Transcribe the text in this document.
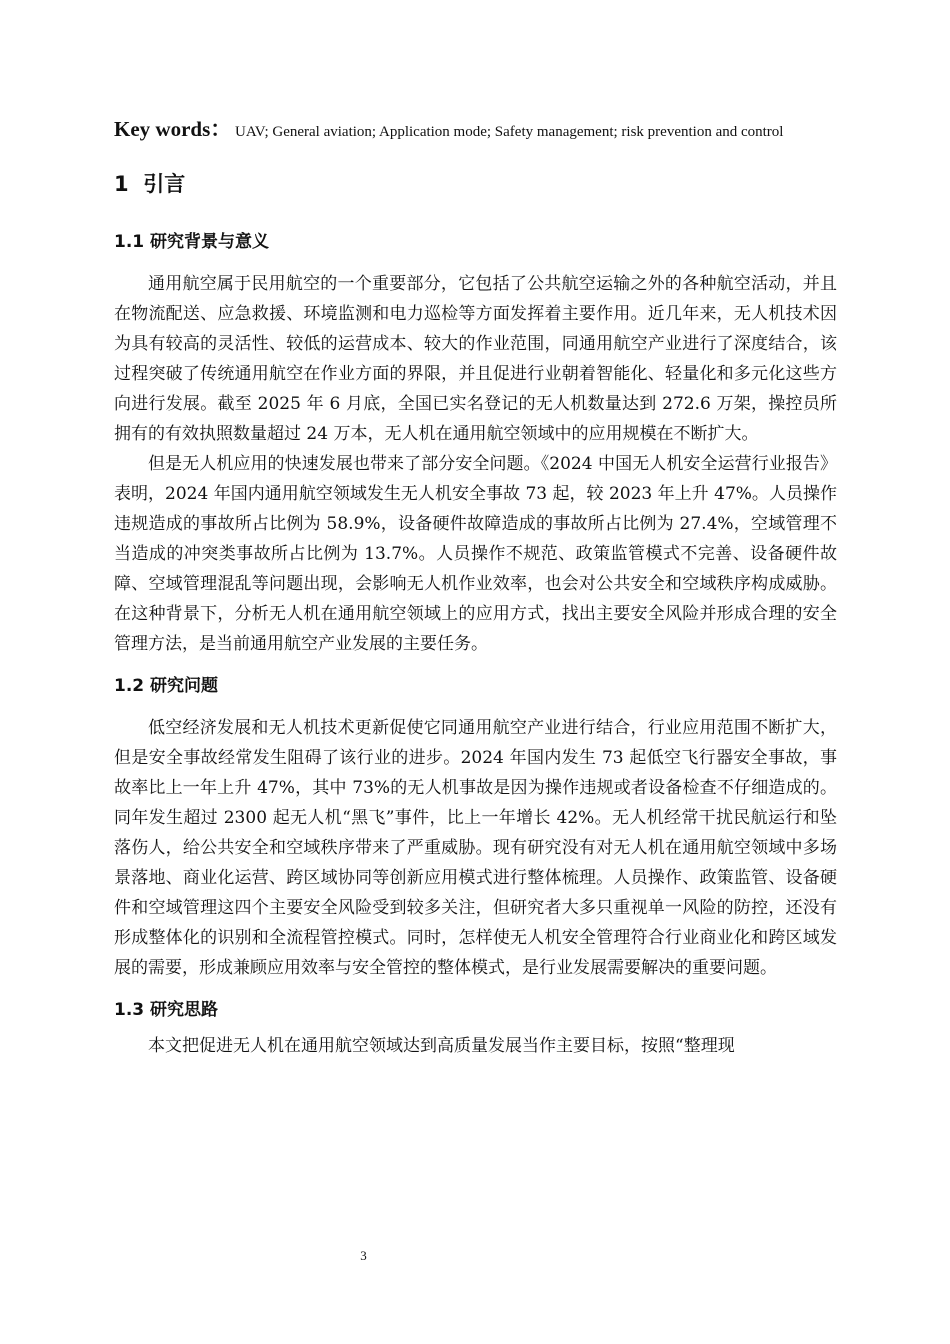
Key words： UAV; General aviation; Application mode; Safety management; risk prevention and control

1 引言
1.1 研究背景与意义

通用航空属于民用航空的一个重要部分，它包括了公共航空运输之外的各种航空活动，并且在物流配送、应急救援、环境监测和电力巡检等方面发挥着主要作用。近几年来，无人机技术因为具有较高的灵活性、较低的运营成本、较大的作业范围，同通用航空产业进行了深度结合，该过程突破了传统通用航空在作业方面的界限，并且促进行业朝着智能化、轻量化和多元化这些方向进行发展。截至 2025 年 6 月底，全国已实名登记的无人机数量达到 272.6 万架，操控员所拥有的有效执照数量超过 24 万本，无人机在通用航空领域中的应用规模在不断扩大。

但是无人机应用的快速发展也带来了部分安全问题。《2024 中国无人机安全运营行业报告》表明，2024 年国内通用航空领域发生无人机安全事故 73 起，较 2023 年上升 47%。人员操作违规造成的事故所占比例为 58.9%，设备硬件故障造成的事故所占比例为 27.4%，空域管理不当造成的冲突类事故所占比例为 13.7%。人员操作不规范、政策监管模式不完善、设备硬件故障、空域管理混乱等问题出现，会影响无人机作业效率，也会对公共安全和空域秩序构成威胁。在这种背景下，分析无人机在通用航空领域上的应用方式，找出主要安全风险并形成合理的安全管理方法，是当前通用航空产业发展的主要任务。

1.2 研究问题

低空经济发展和无人机技术更新促使它同通用航空产业进行结合，行业应用范围不断扩大，但是安全事故经常发生阻碍了该行业的进步。2024 年国内发生 73 起低空飞行器安全事故，事故率比上一年上升 47%，其中 73%的无人机事故是因为操作违规或者设备检查不仔细造成的。同年发生超过 2300 起无人机“黑飞”事件，比上一年增长 42%。无人机经常干扰民航运行和坠落伤人，给公共安全和空域秩序带来了严重威胁。现有研究没有对无人机在通用航空领域中多场景落地、商业化运营、跨区域协同等创新应用模式进行整体梳理。人员操作、政策监管、设备硬件和空域管理这四个主要安全风险受到较多关注，但研究者大多只重视单一风险的防控，还没有形成整体化的识别和全流程管控模式。同时，怎样使无人机安全管理符合行业商业化和跨区域发展的需要，形成兼顾应用效率与安全管控的整体模式，是行业发展需要解决的重要问题。

1.3 研究思路

本文把促进无人机在通用航空领域达到高质量发展当作主要目标，按照“整理现

3
